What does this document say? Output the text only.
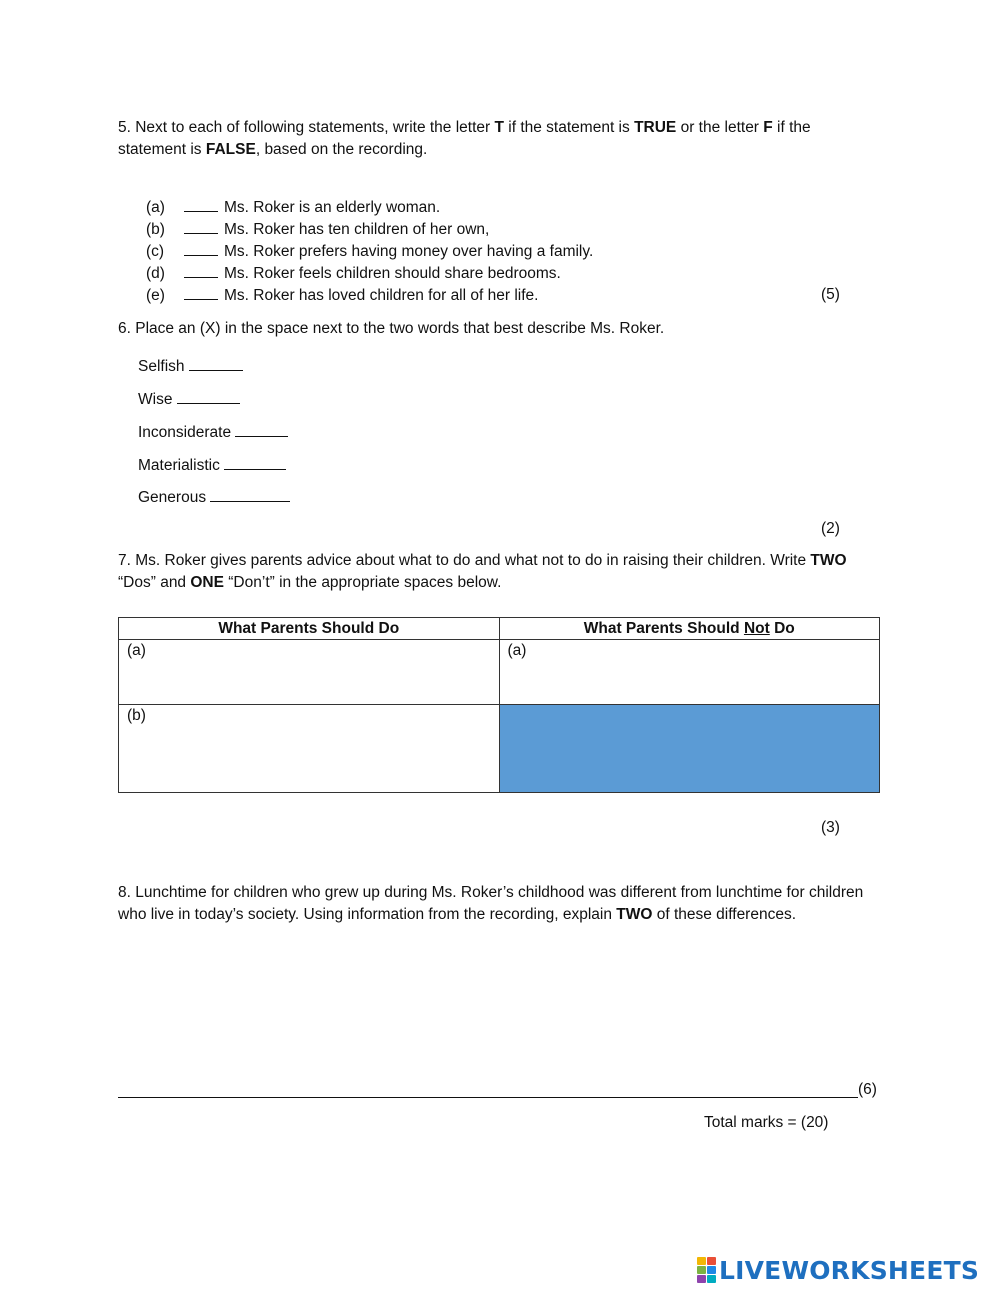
5. Next to each of following statements, write the letter T if the statement is TRUE or the letter F if the statement is FALSE, based on the recording.
(a)	Ms. Roker is an elderly woman.
(b)	Ms. Roker has ten children of her own,
(c)	Ms. Roker prefers having money over having a family.
(d)	Ms. Roker feels children should share bedrooms.
(e)	Ms. Roker has loved children for all of her life.	(5)
6. Place an (X) in the space next to the two words that best describe Ms. Roker.
Selfish
Wise
Inconsiderate
Materialistic
Generous
(2)
7. Ms. Roker gives parents advice about what to do and what not to do in raising their children. Write TWO “Dos” and ONE “Don’t” in the appropriate spaces below.
What Parents Should Do	What Parents Should Not Do
(a)	(a)
(b)	
(3)
8. Lunchtime for children who grew up during Ms. Roker’s childhood was different from lunchtime for children who live in today’s society. Using information from the recording, explain TWO of these differences.
(6)
Total marks = (20)
LIVEWORKSHEETS
